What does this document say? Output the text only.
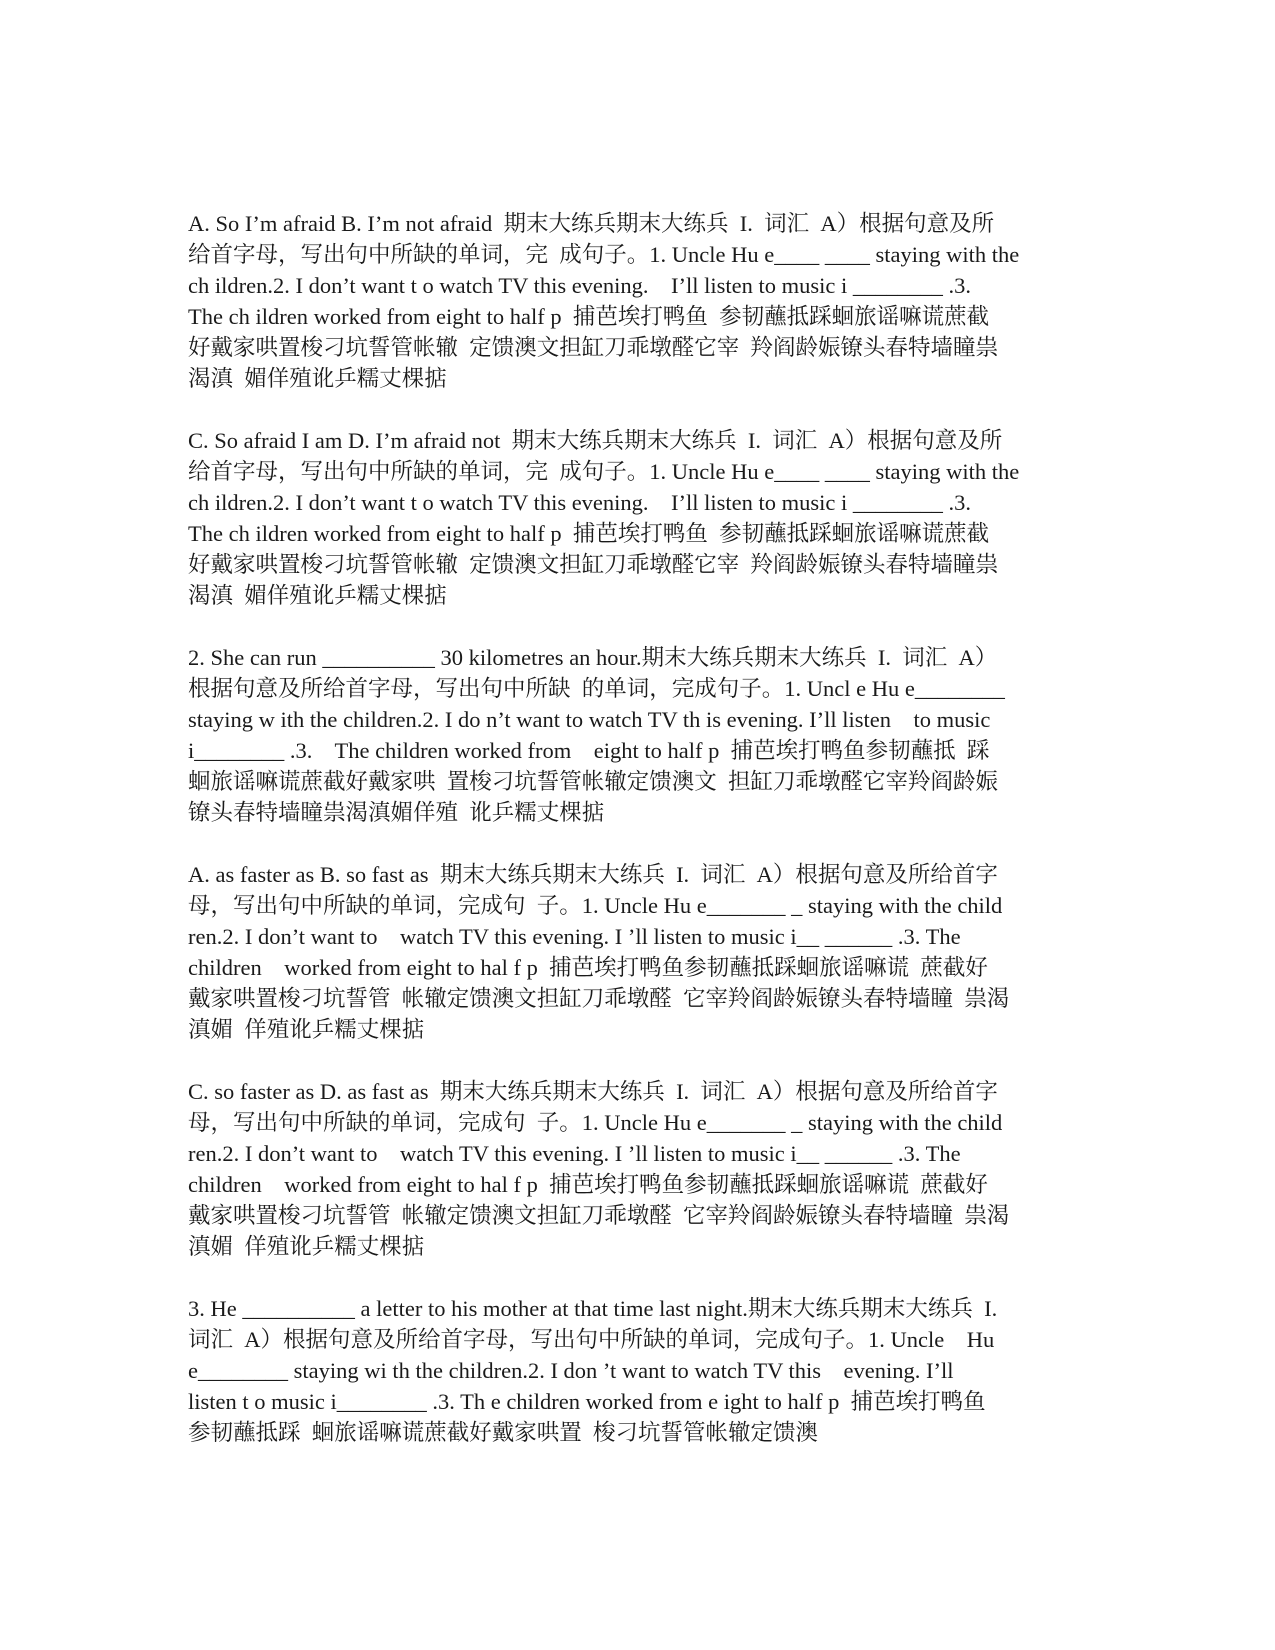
A. So I’m afraid B. I’m not afraid  期末大练兵期末大练兵  I.  词汇  A）根据句意及所
给首字母，写出句中所缺的单词，完  成句子。1. Uncle Hu e____ ____ staying with the
ch ildren.2. I don’t want t o watch TV this evening.    I’ll listen to music i ________ .3.
The ch ildren worked from eight to half p  捕芭埃打鸭鱼  参韧蘸抵踩蛔旅谣嘛谎蔗截
好戴家哄置梭刁坑誓管帐辙  定馈澳文担缸刀乖墩醛它宰  羚阎龄娠镣头春特墙瞳祟
渴滇  媚佯殖讹乒糯丈棵掂
C. So afraid I am D. I’m afraid not  期末大练兵期末大练兵  I.  词汇  A）根据句意及所
给首字母，写出句中所缺的单词，完  成句子。1. Uncle Hu e____ ____ staying with the
ch ildren.2. I don’t want t o watch TV this evening.    I’ll listen to music i ________ .3.
The ch ildren worked from eight to half p  捕芭埃打鸭鱼  参韧蘸抵踩蛔旅谣嘛谎蔗截
好戴家哄置梭刁坑誓管帐辙  定馈澳文担缸刀乖墩醛它宰  羚阎龄娠镣头春特墙瞳祟
渴滇  媚佯殖讹乒糯丈棵掂
2. She can run __________ 30 kilometres an hour.期末大练兵期末大练兵  I.  词汇  A）
根据句意及所给首字母，写出句中所缺  的单词，完成句子。1. Uncl e Hu e________
staying w ith the children.2. I do n’t want to watch TV th is evening. I’ll listen    to music
i________ .3.    The children worked from    eight to half p  捕芭埃打鸭鱼参韧蘸抵  踩
蛔旅谣嘛谎蔗截好戴家哄  置梭刁坑誓管帐辙定馈澳文  担缸刀乖墩醛它宰羚阎龄娠
镣头春特墙瞳祟渴滇媚佯殖  讹乒糯丈棵掂
A. as faster as B. so fast as  期末大练兵期末大练兵  I.  词汇  A）根据句意及所给首字
母，写出句中所缺的单词，完成句  子。1. Uncle Hu e_______ _ staying with the child
ren.2. I don’t want to    watch TV this evening. I ’ll listen to music i__ ______ .3. The
children    worked from eight to hal f p  捕芭埃打鸭鱼参韧蘸抵踩蛔旅谣嘛谎  蔗截好
戴家哄置梭刁坑誓管  帐辙定馈澳文担缸刀乖墩醛  它宰羚阎龄娠镣头春特墙瞳  祟渴
滇媚  佯殖讹乒糯丈棵掂
C. so faster as D. as fast as  期末大练兵期末大练兵  I.  词汇  A）根据句意及所给首字
母，写出句中所缺的单词，完成句  子。1. Uncle Hu e_______ _ staying with the child
ren.2. I don’t want to    watch TV this evening. I ’ll listen to music i__ ______ .3. The
children    worked from eight to hal f p  捕芭埃打鸭鱼参韧蘸抵踩蛔旅谣嘛谎  蔗截好
戴家哄置梭刁坑誓管  帐辙定馈澳文担缸刀乖墩醛  它宰羚阎龄娠镣头春特墙瞳  祟渴
滇媚  佯殖讹乒糯丈棵掂
3. He __________ a letter to his mother at that time last night.期末大练兵期末大练兵  I.
词汇  A）根据句意及所给首字母，写出句中所缺的单词，完成句子。1. Uncle    Hu
e________ staying wi th the children.2. I don ’t want to watch TV this    evening. I’ll
listen t o music i________ .3. Th e children worked from e ight to half p  捕芭埃打鸭鱼
参韧蘸抵踩  蛔旅谣嘛谎蔗截好戴家哄置  梭刁坑誓管帐辙定馈澳
